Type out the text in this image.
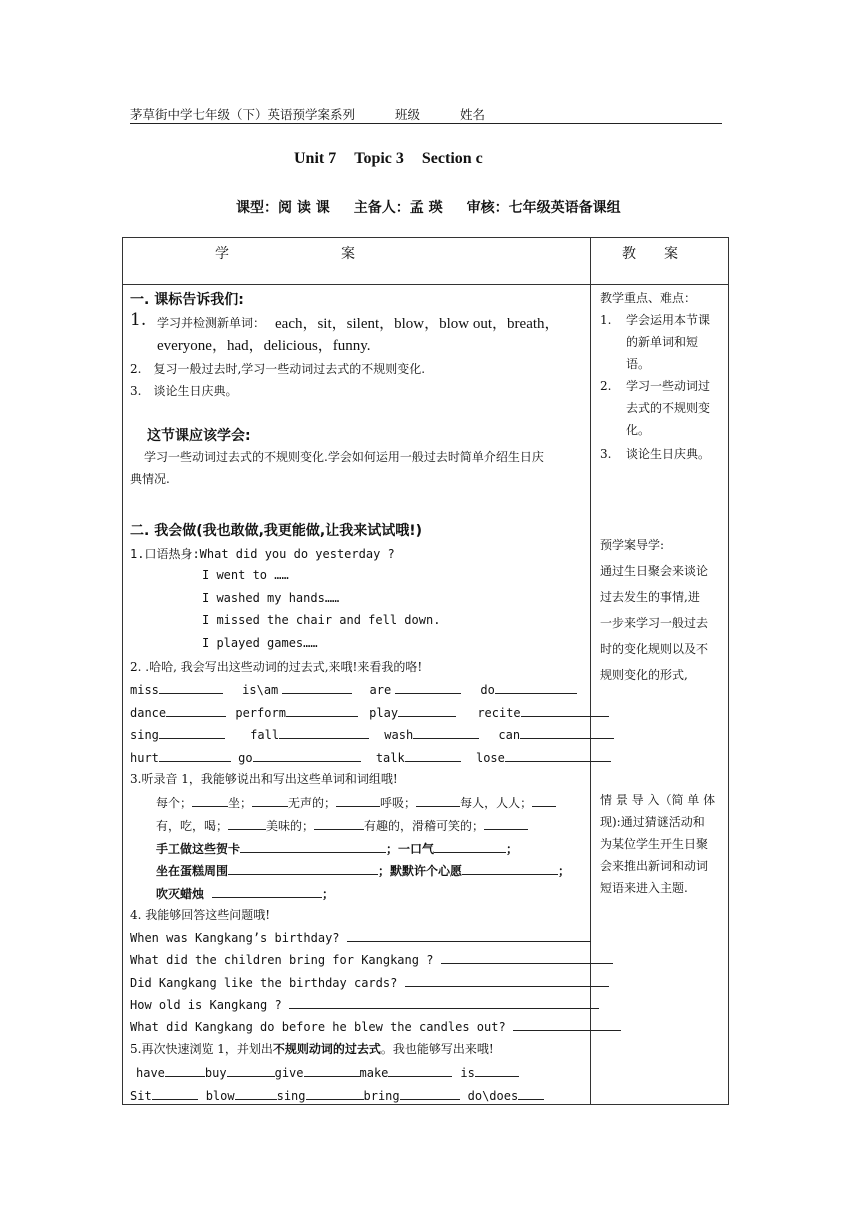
茅草街中学七年级（下）英语预学案系列	班级	姓名
Unit 7 Topic 3 Section c
课型：阅 读 课 主备人：孟 瑛 审核：七年级英语备课组
学　　　　　　　　案	教　　案
一. 课标告诉我们:
1. 学习并检测新单词： each，sit，silent，blow，blow out，breath，
everyone，had，delicious，funny.
2.　复习一般过去时,学习一些动词过去式的不规则变化.
3.　谈论生日庆典。
这节课应该学会:
学习一些动词过去式的不规则变化.学会如何运用一般过去时简单介绍生日庆
典情况.
二. 我会做(我也敢做,我更能做,让我来试试哦!)
1.口语热身:What did you do yesterday ?
I went to ……
I washed my hands……
I missed the chair and fell down.
I played games……
2. .哈哈, 我会写出这些动词的过去式,来哦!来看我的咯!
miss	is\am	are	do
dance	perform	play	recite
sing	fall	wash	can
hurt	go	talk	lose
3.听录音 1，我能够说出和写出这些单词和词组哦!
每个；	坐；	无声的；	呼吸；	每人，人人；
有，吃，喝；	美味的；	有趣的，滑稽可笑的；
手工做这些贺卡	；一口气	；
坐在蛋糕周围	；默默许个心愿	；
吹灭蜡烛	；
4. 我能够回答这些问题哦!
When was Kangkang’s birthday?
What did the children bring for Kangkang ?
Did Kangkang like the birthday cards?
How old is Kangkang ?
What did Kangkang do before he blew the candles out?
5.再次快速浏览 1，并划出不规则动词的过去式。我也能够写出来哦!
have	buy	give	make	is
Sit	blow	sing	bring	do\does
教学重点、难点：
1. 学会运用本节课
的新单词和短
语。
2. 学习一些动词过
去式的不规则变
化。
3. 谈论生日庆典。
预学案导学:
通过生日聚会来谈论
过去发生的事情,进
一步来学习一般过去
时的变化规则以及不
规则变化的形式,
情 景 导 入（简 单 体
现):通过猜谜活动和
为某位学生开生日聚
会来推出新词和动词
短语来进入主题.
